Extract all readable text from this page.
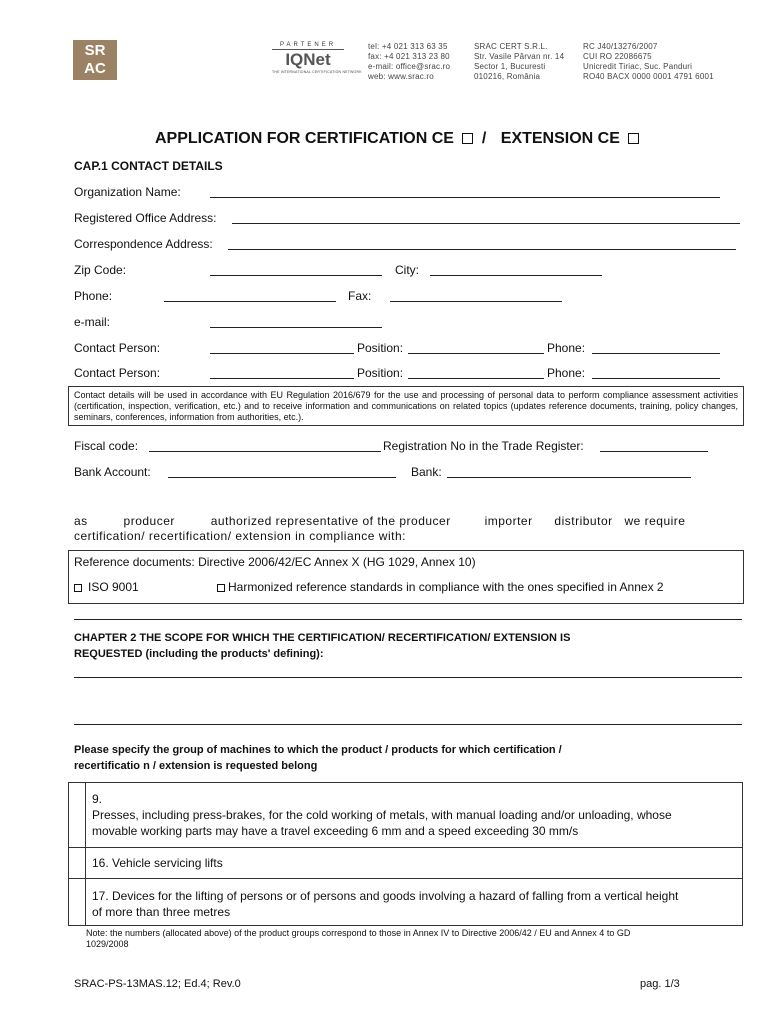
SR AC
PARTENER
IQNet
THE INTERNATIONAL CERTIFICATION NETWORK
tel: +4 021 313 63 35
fax: +4 021 313 23 80
e-mail: office@srac.ro
web: www.srac.ro
SRAC CERT S.R.L.
Str. Vasile Pârvan nr. 14
Sector 1, Bucuresti
010216, România
RC J40/13276/2007
CUI RO 22086675
Unicredit Tiriac, Suc. Panduri
RO40 BACX 0000 0001 4791 6001
APPLICATION FOR CERTIFICATION CE / EXTENSION CE
CAP.1 CONTACT DETAILS
Organization Name:
Registered Office Address:
Correspondence Address:
Zip Code:	City:
Phone:	Fax:
e-mail:
Contact Person:	Position:	Phone:
Contact Person:	Position:	Phone:
Contact details will be used in accordance with EU Regulation 2016/679 for the use and processing of personal data to perform compliance assessment activities (certification, inspection, verification, etc.) and to receive information and communications on related topics (updates reference documents, training, policy changes, seminars, conferences, information from authorities, etc.).
Fiscal code:	Registration No in the Trade Register:
Bank Account:	Bank:
as	producer	authorized representative of the producer	importer distributor we require
certification/ recertification/ extension in compliance with:
Reference documents: Directive 2006/42/EC Annex X (HG 1029, Annex 10)
ISO 9001	Harmonized reference standards in compliance with the ones specified in Annex 2
CHAPTER 2 THE SCOPE FOR WHICH THE CERTIFICATION/ RECERTIFICATION/ EXTENSION IS
REQUESTED (including the products' defining):
Please specify the group of machines to which the product / products for which certification /
recertificatio n / extension is requested belong
9.
Presses, including press-brakes, for the cold working of metals, with manual loading and/or unloading, whose
movable working parts may have a travel exceeding 6 mm and a speed exceeding 30 mm/s
16. Vehicle servicing lifts
17. Devices for the lifting of persons or of persons and goods involving a hazard of falling from a vertical height
of more than three metres
Note: the numbers (allocated above) of the product groups correspond to those in Annex IV to Directive 2006/42 / EU and Annex 4 to GD
1029/2008
SRAC-PS-13MAS.12; Ed.4; Rev.0	pag. 1/3
